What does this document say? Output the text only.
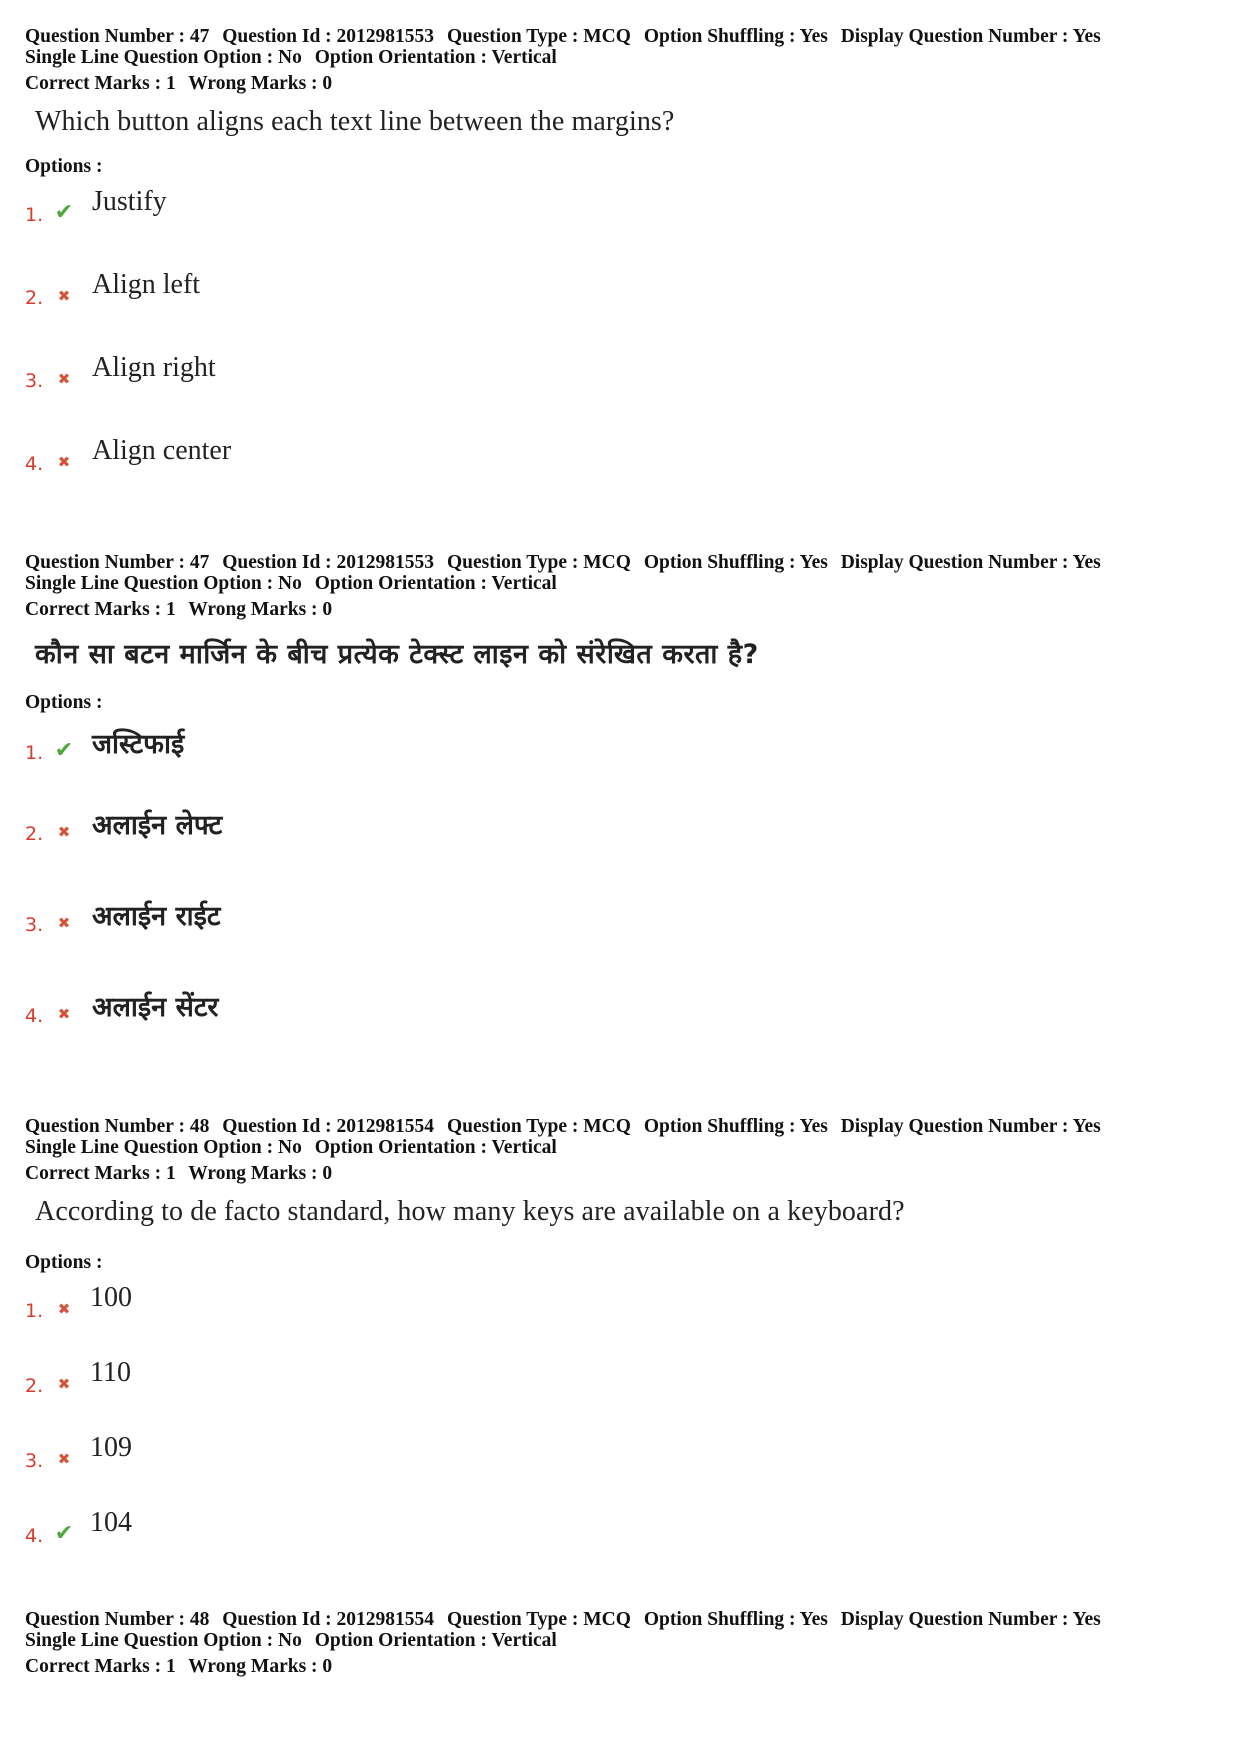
Question Number : 47 Question Id : 2012981553 Question Type : MCQ Option Shuffling : Yes Display Question Number : Yes
Single Line Question Option : No Option Orientation : Vertical
Correct Marks : 1 Wrong Marks : 0
Which button aligns each text line between the margins?
Options :
1. ✔ Justify
2. ✖ Align left
3. ✖ Align right
4. ✖ Align center
Question Number : 47 Question Id : 2012981553 Question Type : MCQ Option Shuffling : Yes Display Question Number : Yes
Single Line Question Option : No Option Orientation : Vertical
Correct Marks : 1 Wrong Marks : 0
कौन सा बटन मार्जिन के बीच प्रत्येक टेक्स्ट लाइन को संरेखित करता है?
Options :
1. ✔ जस्टिफाई
2. ✖ अलाईन लेफ्ट
3. ✖ अलाईन राईट
4. ✖ अलाईन सेंटर
Question Number : 48 Question Id : 2012981554 Question Type : MCQ Option Shuffling : Yes Display Question Number : Yes
Single Line Question Option : No Option Orientation : Vertical
Correct Marks : 1 Wrong Marks : 0
According to de facto standard, how many keys are available on a keyboard?
Options :
1. ✖ 100
2. ✖ 110
3. ✖ 109
4. ✔ 104
Question Number : 48 Question Id : 2012981554 Question Type : MCQ Option Shuffling : Yes Display Question Number : Yes
Single Line Question Option : No Option Orientation : Vertical
Correct Marks : 1 Wrong Marks : 0
